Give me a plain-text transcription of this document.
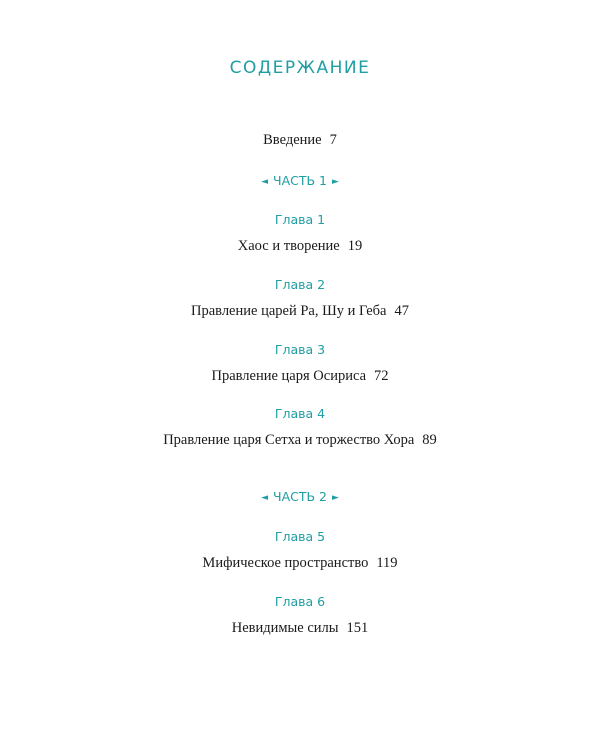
СОДЕРЖАНИЕ
Введение 7
◄ ЧАСТЬ 1 ►
Глава 1
Хаос и творение 19
Глава 2
Правление царей Ра, Шу и Геба 47
Глава 3
Правление царя Осириса 72
Глава 4
Правление царя Сетха и торжество Хора 89
◄ ЧАСТЬ 2 ►
Глава 5
Мифическое пространство 119
Глава 6
Невидимые силы 151
